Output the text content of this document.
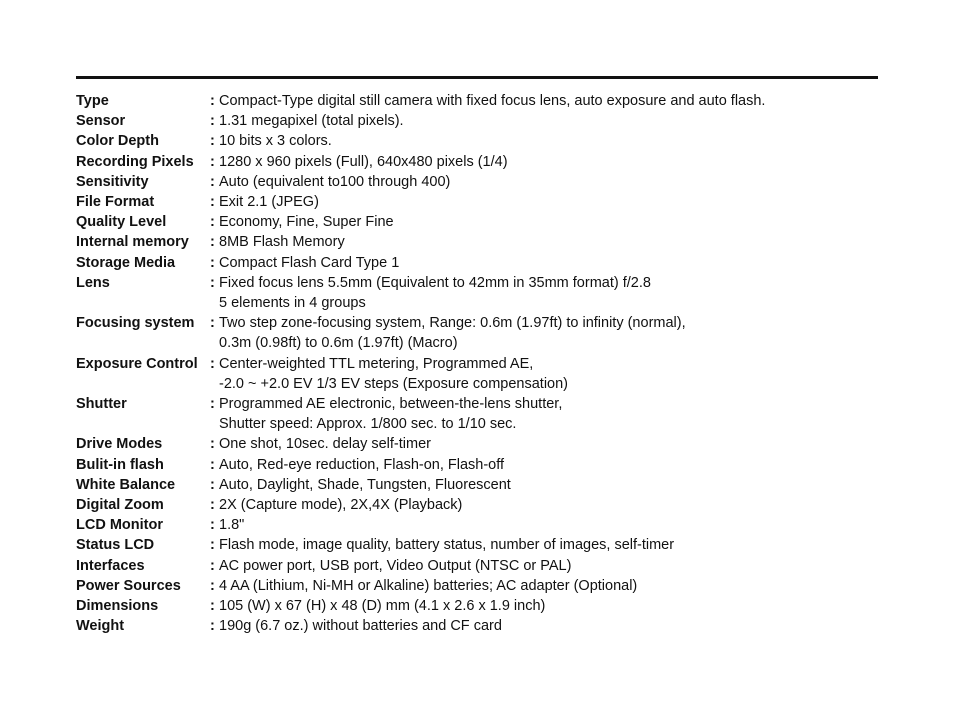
Type	: Compact-Type digital still camera with fixed focus lens, auto exposure and auto flash.
Sensor	: 1.31 megapixel (total pixels).
Color Depth	: 10 bits x 3 colors.
Recording Pixels	: 1280 x 960 pixels (Full), 640x480 pixels (1/4)
Sensitivity	: Auto (equivalent to100 through 400)
File Format	: Exit 2.1 (JPEG)
Quality Level	: Economy, Fine, Super Fine
Internal memory	: 8MB Flash Memory
Storage Media	: Compact Flash Card Type 1
Lens	: Fixed focus lens 5.5mm (Equivalent to 42mm in 35mm format) f/2.8
5 elements in 4 groups
Focusing system	: Two step zone-focusing system, Range: 0.6m (1.97ft) to infinity (normal),
0.3m (0.98ft) to 0.6m (1.97ft) (Macro)
Exposure Control : Center-weighted TTL metering, Programmed AE,
-2.0 ~ +2.0 EV 1/3 EV steps (Exposure compensation)
Shutter	: Programmed AE electronic, between-the-lens shutter,
Shutter speed: Approx. 1/800 sec. to 1/10 sec.
Drive Modes	: One shot, 10sec. delay self-timer
Bulit-in flash	: Auto, Red-eye reduction, Flash-on, Flash-off
White Balance	: Auto, Daylight, Shade, Tungsten, Fluorescent
Digital Zoom	: 2X (Capture mode), 2X,4X (Playback)
LCD Monitor	: 1.8"
Status LCD	: Flash mode, image quality, battery status, number of images, self-timer
Interfaces	: AC power port, USB port, Video Output (NTSC or PAL)
Power Sources	: 4 AA (Lithium, Ni-MH or Alkaline) batteries; AC adapter (Optional)
Dimensions	: 105 (W) x 67 (H) x 48 (D) mm (4.1 x 2.6 x 1.9 inch)
Weight	: 190g (6.7 oz.) without batteries and CF card
